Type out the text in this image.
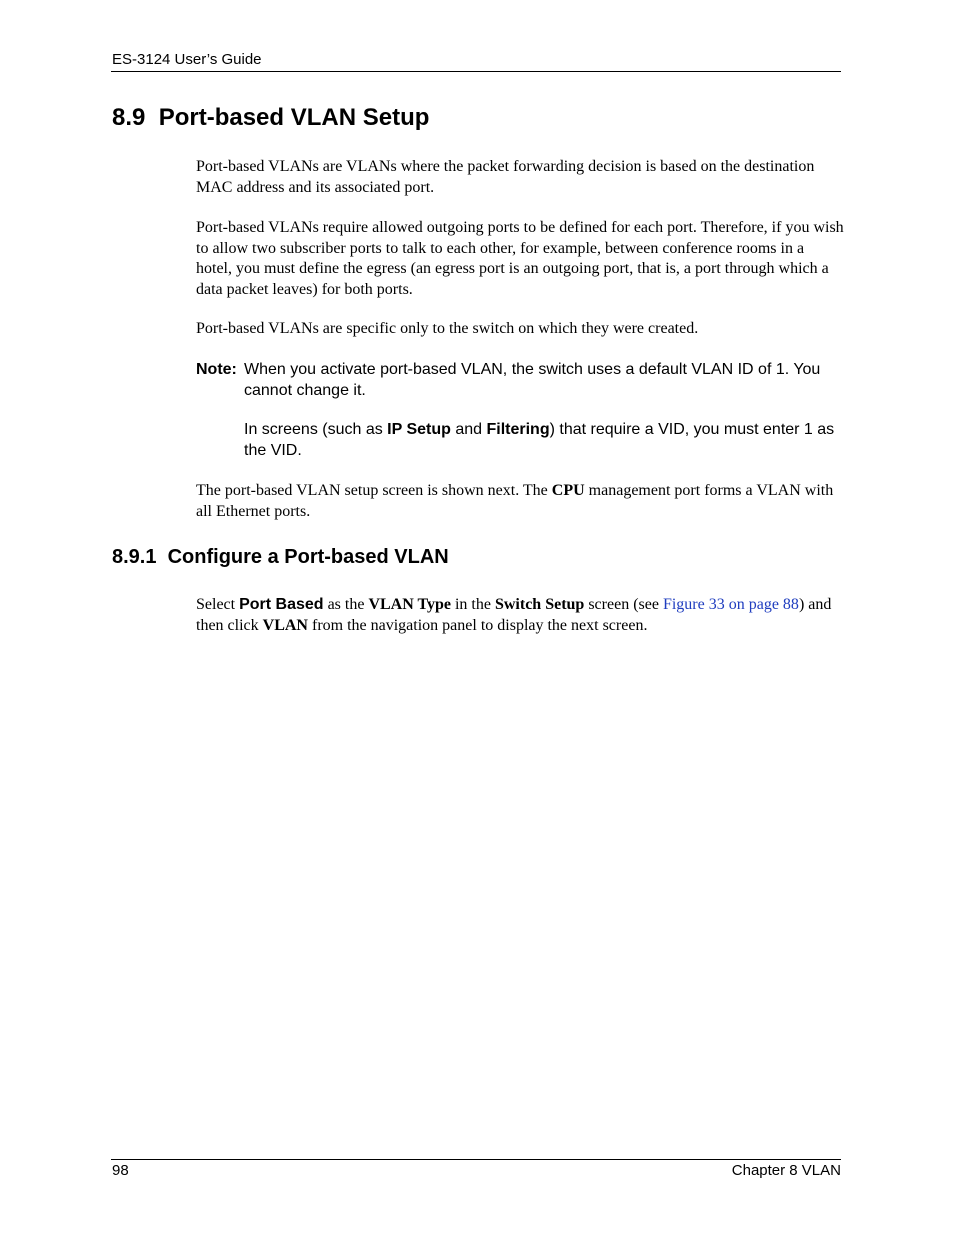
ES-3124 User’s Guide
8.9  Port-based VLAN Setup

Port-based VLANs are VLANs where the packet forwarding decision is based on the destination MAC address and its associated port.

Port-based VLANs require allowed outgoing ports to be defined for each port. Therefore, if you wish to allow two subscriber ports to talk to each other, for example, between conference rooms in a hotel, you must define the egress (an egress port is an outgoing port, that is, a port through which a data packet leaves) for both ports.

Port-based VLANs are specific only to the switch on which they were created.

Note: When you activate port-based VLAN, the switch uses a default VLAN ID of 1. You cannot change it.

In screens (such as IP Setup and Filtering) that require a VID, you must enter 1 as the VID.

The port-based VLAN setup screen is shown next. The CPU management port forms a VLAN with all Ethernet ports.

8.9.1  Configure a Port-based VLAN

Select Port Based as the VLAN Type in the Switch Setup screen (see Figure 33 on page 88) and then click VLAN from the navigation panel to display the next screen.

98	Chapter 8 VLAN
